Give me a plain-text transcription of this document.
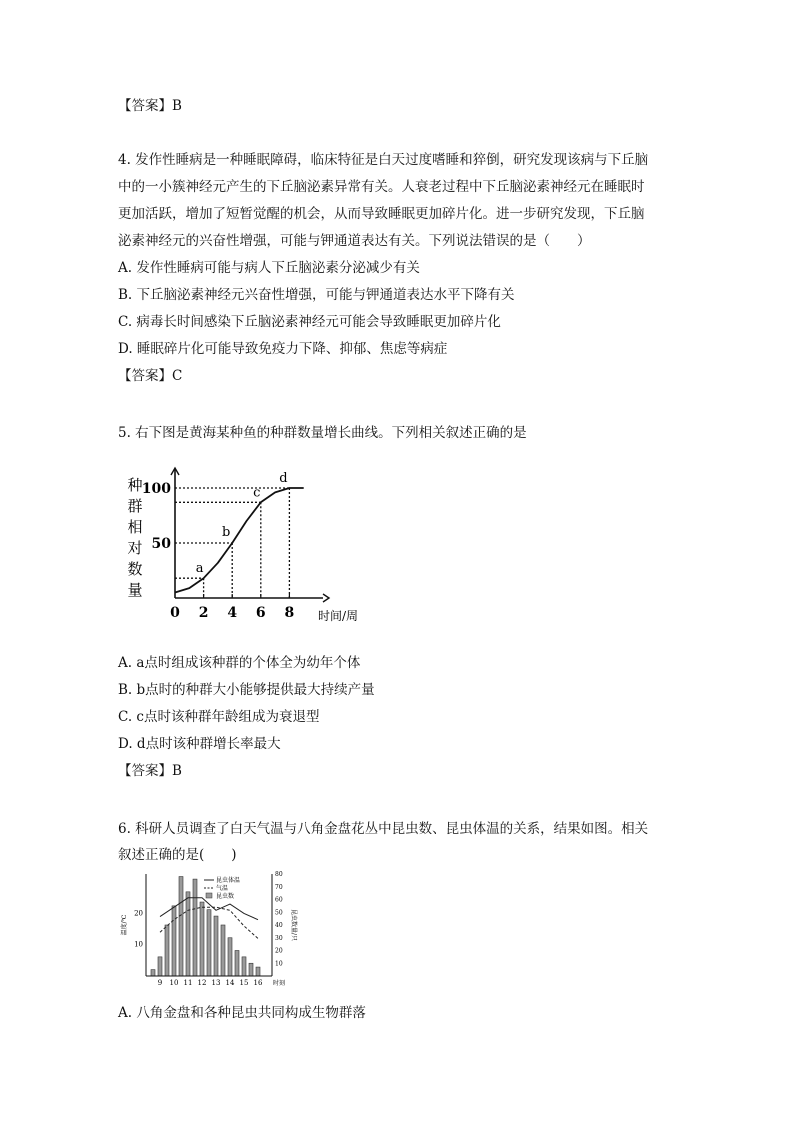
【答案】B
4. 发作性睡病是一种睡眠障碍，临床特征是白天过度嗜睡和猝倒，研究发现该病与下丘脑
中的一小簇神经元产生的下丘脑泌素异常有关。人衰老过程中下丘脑泌素神经元在睡眠时
更加活跃，增加了短暂觉醒的机会，从而导致睡眠更加碎片化。进一步研究发现，下丘脑
泌素神经元的兴奋性增强，可能与钾通道表达有关。下列说法错误的是（　　）
A. 发作性睡病可能与病人下丘脑泌素分泌减少有关
B. 下丘脑泌素神经元兴奋性增强，可能与钾通道表达水平下降有关
C. 病毒长时间感染下丘脑泌素神经元可能会导致睡眠更加碎片化
D. 睡眠碎片化可能导致免疫力下降、抑郁、焦虑等病症
【答案】C
5. 右下图是黄海某种鱼的种群数量增长曲线。下列相关叙述正确的是
种
群
相
对
数
量
0 2 4 6 8
50
100
时间/周
a
b
c
d
A. a点时组成该种群的个体全为幼年个体
B. b点时的种群大小能够提供最大持续产量
C. c点时该种群年龄组成为衰退型
D. d点时该种群增长率最大
【答案】B
6. 科研人员调查了白天气温与八角金盘花丛中昆虫数、昆虫体温的关系，结果如图。相关
叙述正确的是(　　)
9 10 11 12 13 14 15 16 时刻
10
20
10
20
30
40
50
60
70
80
温度/℃	昆虫数量/只
昆虫体温
气温
昆虫数
A. 八角金盘和各种昆虫共同构成生物群落
